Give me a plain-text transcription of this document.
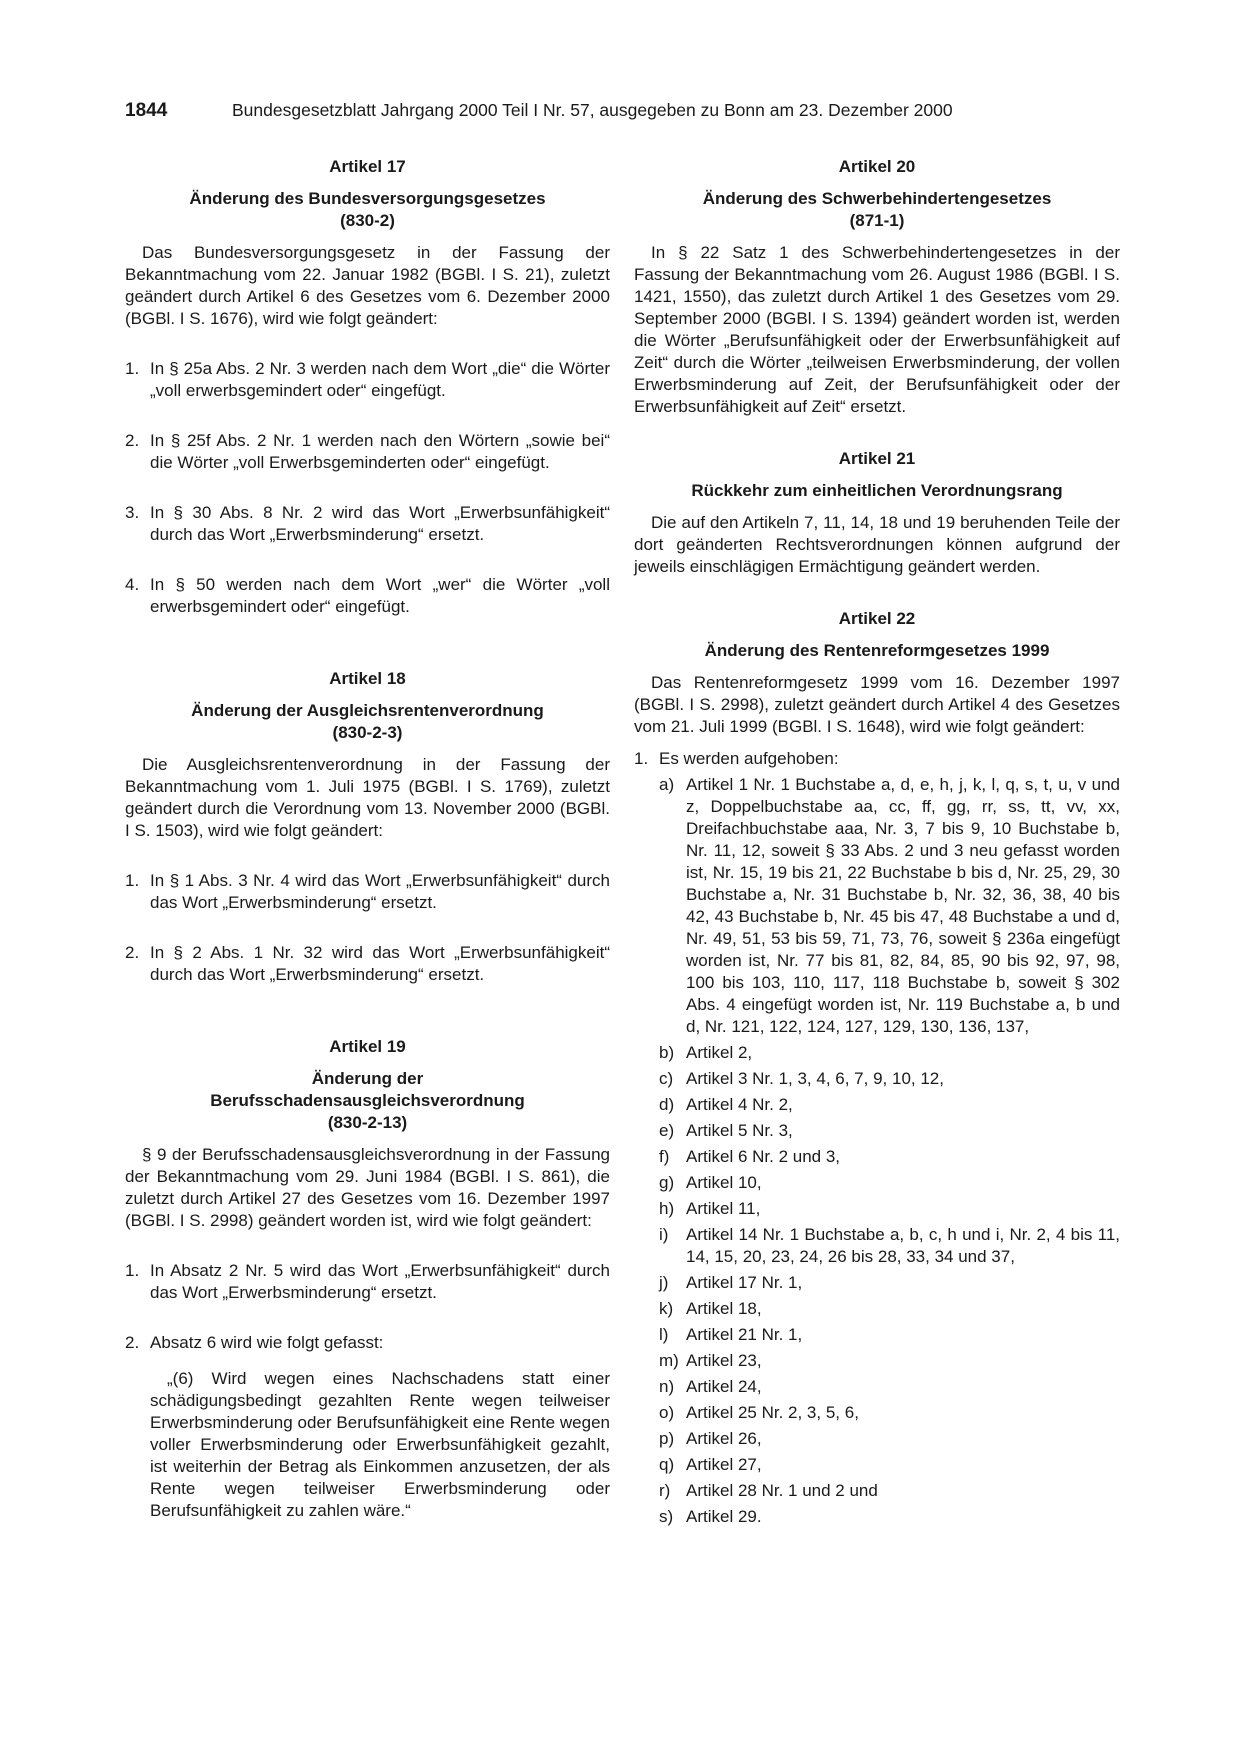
1844	Bundesgesetzblatt Jahrgang 2000 Teil I Nr. 57, ausgegeben zu Bonn am 23. Dezember 2000

Artikel 17

Änderung des Bundesversorgungsgesetzes
(830-2)

Das Bundesversorgungsgesetz in der Fassung der Bekanntmachung vom 22. Januar 1982 (BGBl. I S. 21), zuletzt geändert durch Artikel 6 des Gesetzes vom 6. Dezember 2000 (BGBl. I S. 1676), wird wie folgt geändert:

1. In § 25a Abs. 2 Nr. 3 werden nach dem Wort „die“ die Wörter „voll erwerbsgemindert oder“ eingefügt.
2. In § 25f Abs. 2 Nr. 1 werden nach den Wörtern „sowie bei“ die Wörter „voll Erwerbsgeminderten oder“ eingefügt.
3. In § 30 Abs. 8 Nr. 2 wird das Wort „Erwerbsunfähigkeit“ durch das Wort „Erwerbsminderung“ ersetzt.
4. In § 50 werden nach dem Wort „wer“ die Wörter „voll erwerbsgemindert oder“ eingefügt.

Artikel 18

Änderung der Ausgleichsrentenverordnung
(830-2-3)

Die Ausgleichsrentenverordnung in der Fassung der Bekanntmachung vom 1. Juli 1975 (BGBl. I S. 1769), zuletzt geändert durch die Verordnung vom 13. November 2000 (BGBl. I S. 1503), wird wie folgt geändert:

1. In § 1 Abs. 3 Nr. 4 wird das Wort „Erwerbsunfähigkeit“ durch das Wort „Erwerbsminderung“ ersetzt.
2. In § 2 Abs. 1 Nr. 32 wird das Wort „Erwerbsunfähigkeit“ durch das Wort „Erwerbsminderung“ ersetzt.

Artikel 19

Änderung der
Berufsschadensausgleichsverordnung
(830-2-13)

§ 9 der Berufsschadensausgleichsverordnung in der Fassung der Bekanntmachung vom 29. Juni 1984 (BGBl. I S. 861), die zuletzt durch Artikel 27 des Gesetzes vom 16. Dezember 1997 (BGBl. I S. 2998) geändert worden ist, wird wie folgt geändert:

1. In Absatz 2 Nr. 5 wird das Wort „Erwerbsunfähigkeit“ durch das Wort „Erwerbsminderung“ ersetzt.
2. Absatz 6 wird wie folgt gefasst:

„(6) Wird wegen eines Nachschadens statt einer schädigungsbedingt gezahlten Rente wegen teilweiser Erwerbsminderung oder Berufsunfähigkeit eine Rente wegen voller Erwerbsminderung oder Erwerbsunfähigkeit gezahlt, ist weiterhin der Betrag als Einkommen anzusetzen, der als Rente wegen teilweiser Erwerbsminderung oder Berufsunfähigkeit zu zahlen wäre.“

Artikel 20

Änderung des Schwerbehindertengesetzes
(871-1)

In § 22 Satz 1 des Schwerbehindertengesetzes in der Fassung der Bekanntmachung vom 26. August 1986 (BGBl. I S. 1421, 1550), das zuletzt durch Artikel 1 des Gesetzes vom 29. September 2000 (BGBl. I S. 1394) geändert worden ist, werden die Wörter „Berufsunfähigkeit oder der Erwerbsunfähigkeit auf Zeit“ durch die Wörter „teilweisen Erwerbsminderung, der vollen Erwerbsminderung auf Zeit, der Berufsunfähigkeit oder der Erwerbsunfähigkeit auf Zeit“ ersetzt.

Artikel 21

Rückkehr zum einheitlichen Verordnungsrang

Die auf den Artikeln 7, 11, 14, 18 und 19 beruhenden Teile der dort geänderten Rechtsverordnungen können aufgrund der jeweils einschlägigen Ermächtigung geändert werden.

Artikel 22

Änderung des Rentenreformgesetzes 1999

Das Rentenreformgesetz 1999 vom 16. Dezember 1997 (BGBl. I S. 2998), zuletzt geändert durch Artikel 4 des Gesetzes vom 21. Juli 1999 (BGBl. I S. 1648), wird wie folgt geändert:

1. Es werden aufgehoben:
a) Artikel 1 Nr. 1 Buchstabe a, d, e, h, j, k, l, q, s, t, u, v und z, Doppelbuchstabe aa, cc, ff, gg, rr, ss, tt, vv, xx, Dreifachbuchstabe aaa, Nr. 3, 7 bis 9, 10 Buchstabe b, Nr. 11, 12, soweit § 33 Abs. 2 und 3 neu gefasst worden ist, Nr. 15, 19 bis 21, 22 Buchstabe b bis d, Nr. 25, 29, 30 Buchstabe a, Nr. 31 Buchstabe b, Nr. 32, 36, 38, 40 bis 42, 43 Buchstabe b, Nr. 45 bis 47, 48 Buchstabe a und d, Nr. 49, 51, 53 bis 59, 71, 73, 76, soweit § 236a eingefügt worden ist, Nr. 77 bis 81, 82, 84, 85, 90 bis 92, 97, 98, 100 bis 103, 110, 117, 118 Buchstabe b, soweit § 302 Abs. 4 eingefügt worden ist, Nr. 119 Buchstabe a, b und d, Nr. 121, 122, 124, 127, 129, 130, 136, 137,
b) Artikel 2,
c) Artikel 3 Nr. 1, 3, 4, 6, 7, 9, 10, 12,
d) Artikel 4 Nr. 2,
e) Artikel 5 Nr. 3,
f) Artikel 6 Nr. 2 und 3,
g) Artikel 10,
h) Artikel 11,
i)	Artikel 14 Nr. 1 Buchstabe a, b, c, h und i, Nr. 2, 4 bis 11, 14, 15, 20, 23, 24, 26 bis 28, 33, 34 und 37,
j)	Artikel 17 Nr. 1,
k) Artikel 18,
l)	Artikel 21 Nr. 1,
m) Artikel 23,
n) Artikel 24,
o) Artikel 25 Nr. 2, 3, 5, 6,
p) Artikel 26,
q) Artikel 27,
r) Artikel 28 Nr. 1 und 2 und
s) Artikel 29.
